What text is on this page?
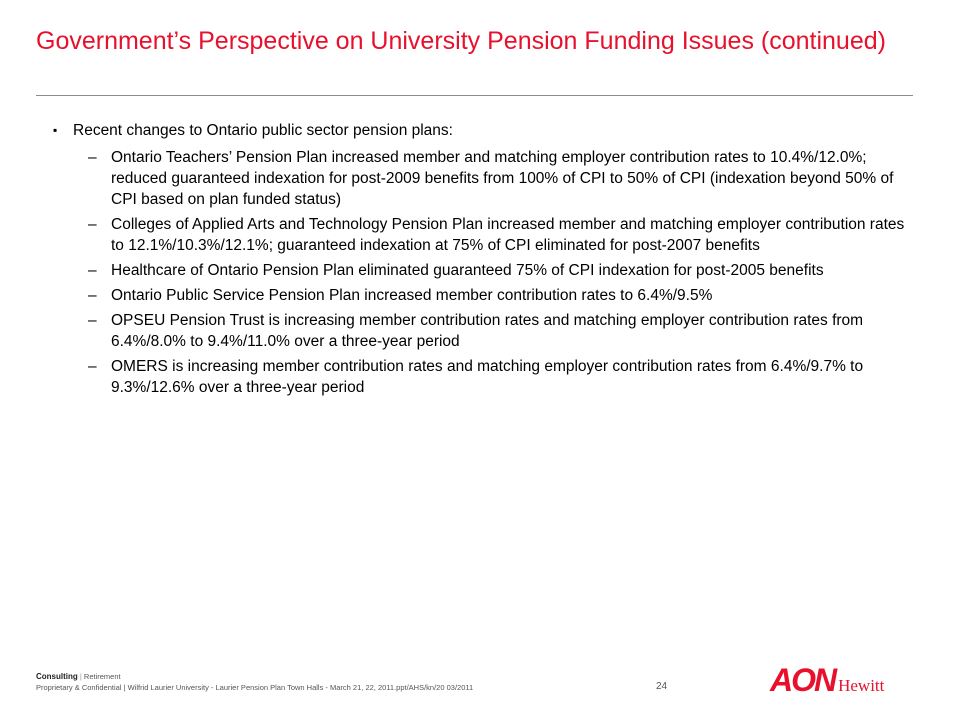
Government’s Perspective on University Pension Funding Issues (continued)

▪ Recent changes to Ontario public sector pension plans:

– Ontario Teachers’ Pension Plan increased member and matching employer contribution rates to 10.4%/12.0%; reduced guaranteed indexation for post-2009 benefits from 100% of CPI to 50% of CPI (indexation beyond 50% of CPI based on plan funded status)
– Colleges of Applied Arts and Technology Pension Plan increased member and matching employer contribution rates to 12.1%/10.3%/12.1%; guaranteed indexation at 75% of CPI eliminated for post-2007 benefits
– Healthcare of Ontario Pension Plan eliminated guaranteed 75% of CPI indexation for post-2005 benefits
– Ontario Public Service Pension Plan increased member contribution rates to 6.4%/9.5%
– OPSEU Pension Trust is increasing member contribution rates and matching employer contribution rates from 6.4%/8.0% to 9.4%/11.0% over a three-year period
– OMERS is increasing member contribution rates and matching employer contribution rates from 6.4%/9.7% to 9.3%/12.6% over a three-year period
Consulting | Retirement
Proprietary & Confidential | Wilfrid Laurier University - Laurier Pension Plan Town Halls - March 21, 22, 2011.ppt/AHS/kn/20 03/2011	24	AON Hewitt
